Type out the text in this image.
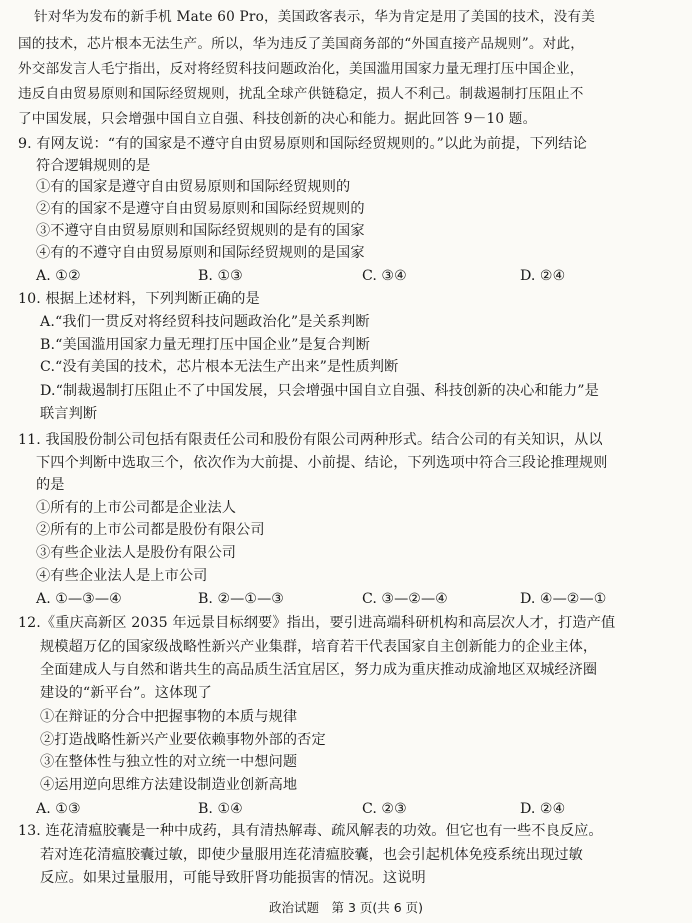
针对华为发布的新手机 Mate 60 Pro，美国政客表示，华为肯定是用了美国的技术，没有美
国的技术，芯片根本无法生产。所以，华为违反了美国商务部的“外国直接产品规则”。对此，
外交部发言人毛宁指出，反对将经贸科技问题政治化，美国滥用国家力量无理打压中国企业，
违反自由贸易原则和国际经贸规则，扰乱全球产供链稳定，损人不利己。制裁遏制打压阻止不
了中国发展，只会增强中国自立自强、科技创新的决心和能力。据此回答 9－10 题。
9. 有网友说：“有的国家是不遵守自由贸易原则和国际经贸规则的。”以此为前提，下列结论
符合逻辑规则的是
①有的国家是遵守自由贸易原则和国际经贸规则的
②有的国家不是遵守自由贸易原则和国际经贸规则的
③不遵守自由贸易原则和国际经贸规则的是有的国家
④有的不遵守自由贸易原则和国际经贸规则的是国家
A. ①②	B. ①③	C. ③④	D. ②④
10. 根据上述材料，下列判断正确的是
A.“我们一贯反对将经贸科技问题政治化”是关系判断
B.“美国滥用国家力量无理打压中国企业”是复合判断
C.“没有美国的技术，芯片根本无法生产出来”是性质判断
D.“制裁遏制打压阻止不了中国发展，只会增强中国自立自强、科技创新的决心和能力”是
联言判断
11. 我国股份制公司包括有限责任公司和股份有限公司两种形式。结合公司的有关知识，从以
下四个判断中选取三个，依次作为大前提、小前提、结论，下列选项中符合三段论推理规则
的是
①所有的上市公司都是企业法人
②所有的上市公司都是股份有限公司
③有些企业法人是股份有限公司
④有些企业法人是上市公司
A. ①—③—④	B. ②—①—③	C. ③—②—④	D. ④—②—①
12.《重庆高新区 2035 年远景目标纲要》指出，要引进高端科研机构和高层次人才，打造产值
规模超万亿的国家级战略性新兴产业集群，培育若干代表国家自主创新能力的企业主体，
全面建成人与自然和谐共生的高品质生活宜居区，努力成为重庆推动成渝地区双城经济圈
建设的“新平台”。这体现了
①在辩证的分合中把握事物的本质与规律
②打造战略性新兴产业要依赖事物外部的否定
③在整体性与独立性的对立统一中想问题
④运用逆向思维方法建设制造业创新高地
A. ①③	B. ①④	C. ②③	D. ②④
13. 连花清瘟胶囊是一种中成药，具有清热解毒、疏风解表的功效。但它也有一些不良反应。
若对连花清瘟胶囊过敏，即使少量服用连花清瘟胶囊，也会引起机体免疫系统出现过敏
反应。如果过量服用，可能导致肝肾功能损害的情况。这说明
政治试题　第 3 页(共 6 页)
